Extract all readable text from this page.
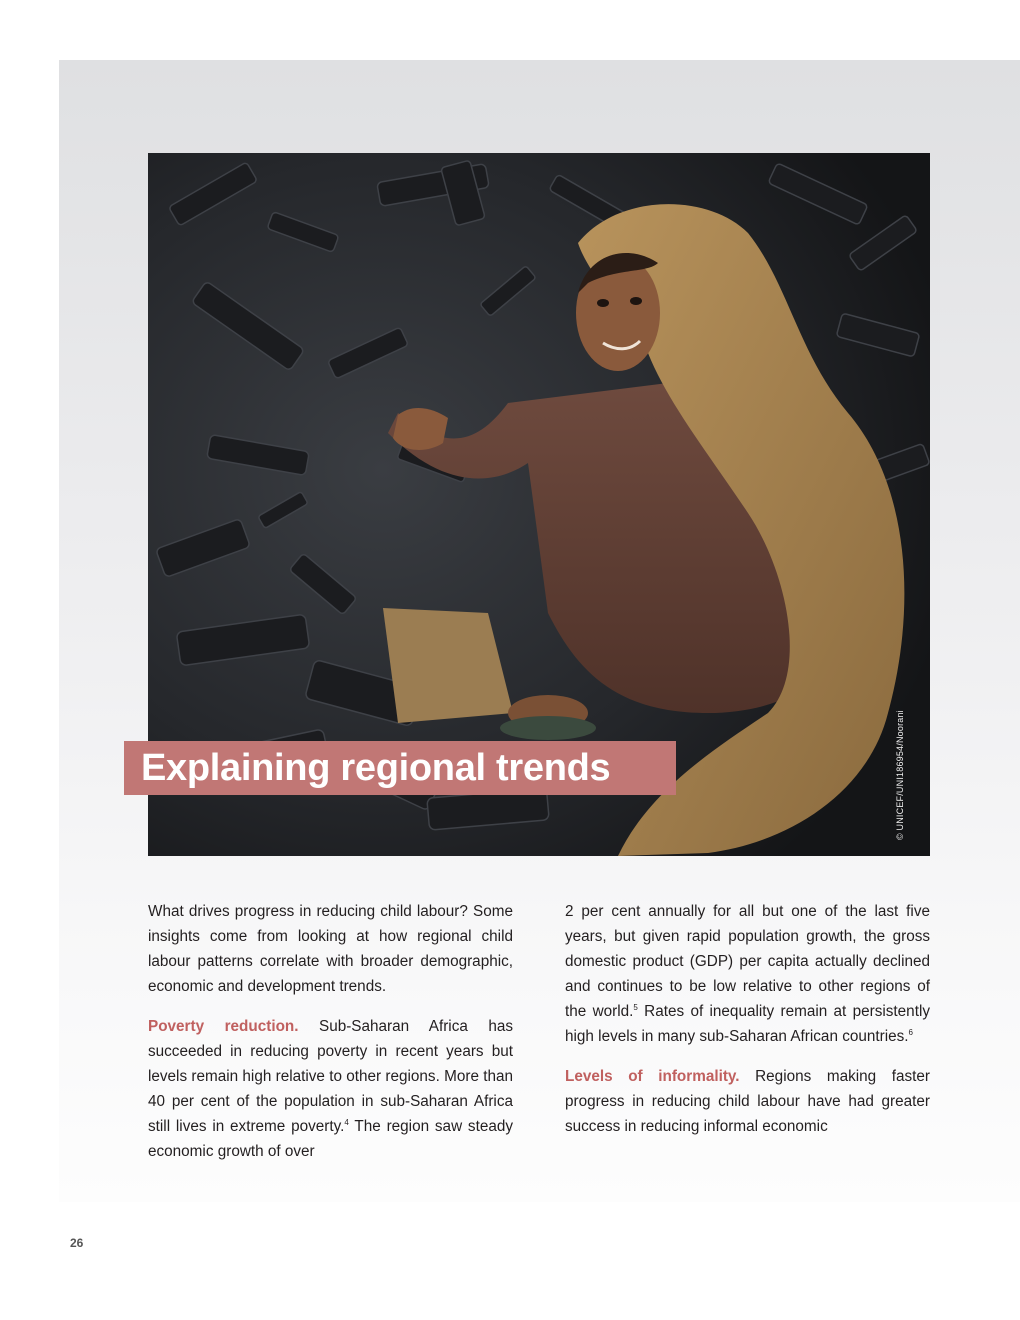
© UNICEF/UNI186954/Noorani
Explaining regional trends

What drives progress in reducing child labour? Some insights come from looking at how regional child labour patterns correlate with broader demographic, economic and development trends.

Poverty reduction. Sub-Saharan Africa has succeeded in reducing poverty in recent years but levels remain high relative to other regions. More than 40 per cent of the population in sub-Saharan Africa still lives in extreme poverty.$^4$ The region saw steady economic growth of over

2 per cent annually for all but one of the last five years, but given rapid population growth, the gross domestic product (GDP) per capita actually declined and continues to be low relative to other regions of the world.$^5$ Rates of inequality remain at persistently high levels in many sub-Saharan African countries.$^6$

Levels of informality. Regions making faster progress in reducing child labour have had greater success in reducing informal economic

26
